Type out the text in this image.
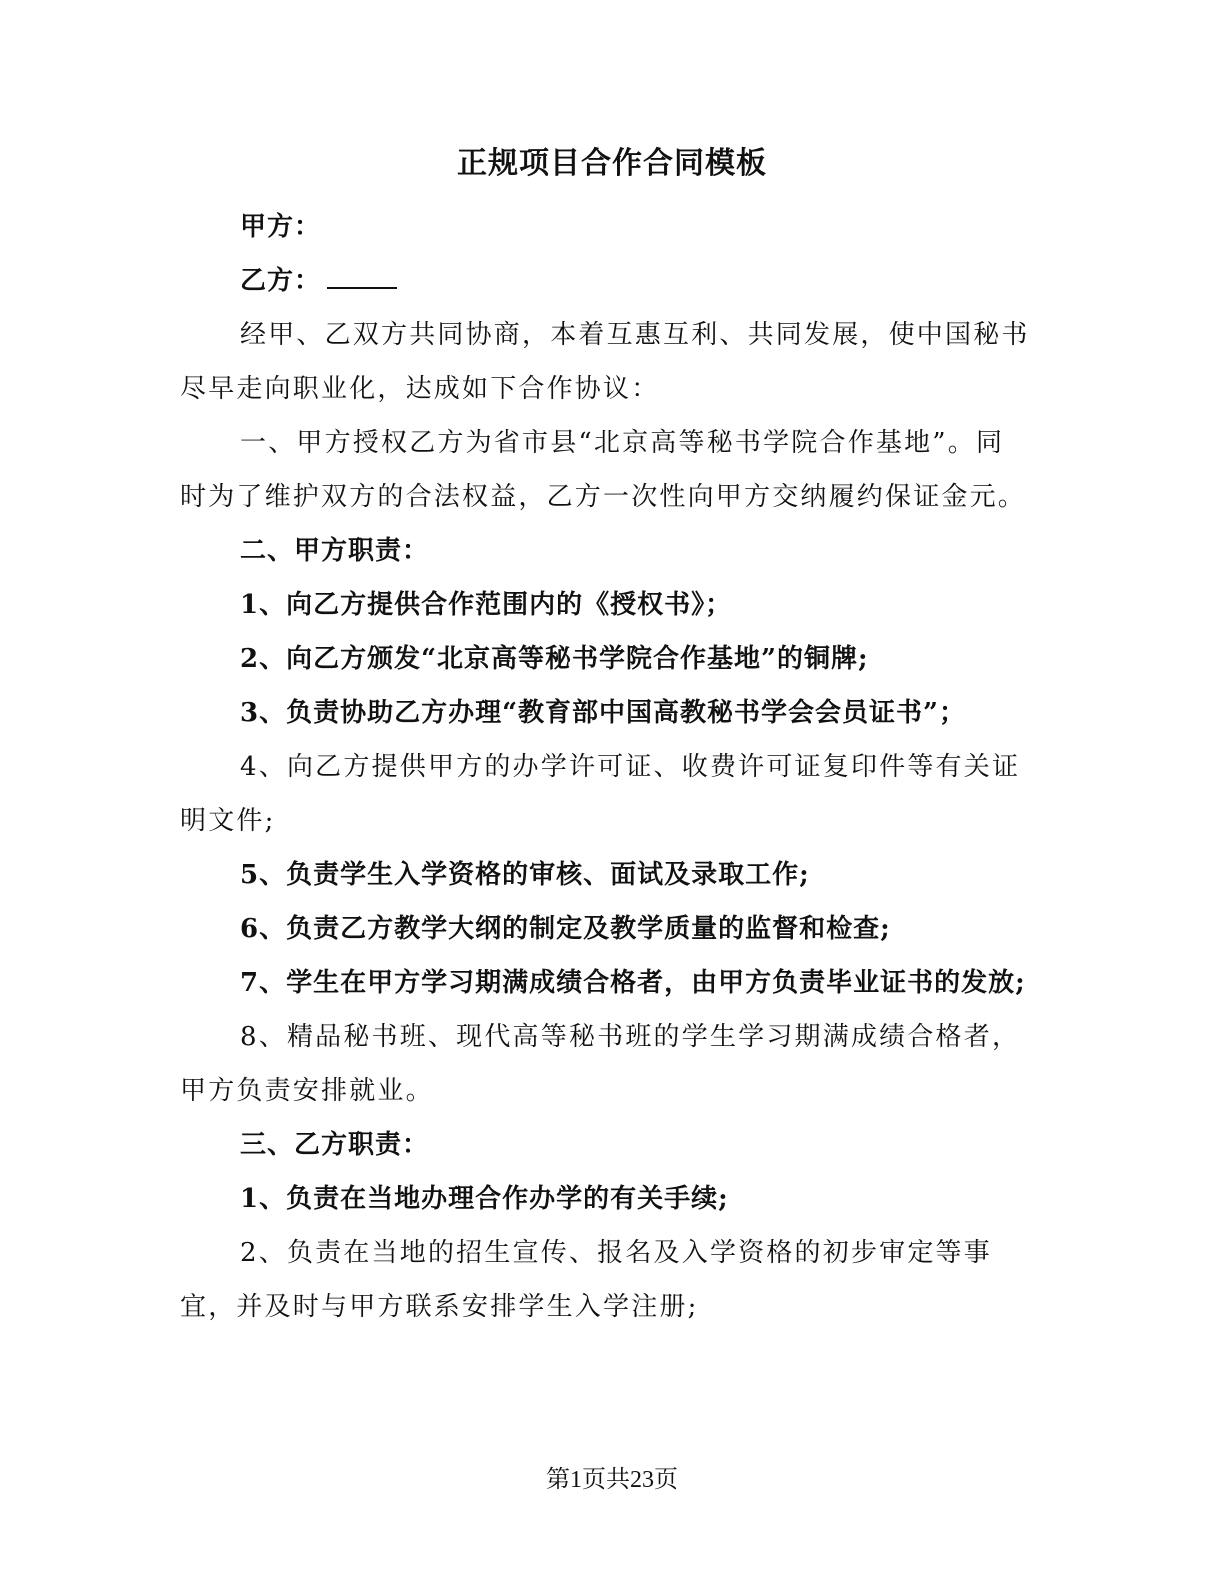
正规项目合作合同模板

甲方：

乙方：

经甲、乙双方共同协商，本着互惠互利、共同发展，使中国秘书尽早走向职业化，达成如下合作协议：

一、甲方授权乙方为省市县“北京高等秘书学院合作基地”。同时为了维护双方的合法权益，乙方一次性向甲方交纳履约保证金元。

二、甲方职责：

1、向乙方提供合作范围内的《授权书》；

2、向乙方颁发“北京高等秘书学院合作基地”的铜牌;

3、负责协助乙方办理“教育部中国高教秘书学会会员证书”；

4、向乙方提供甲方的办学许可证、收费许可证复印件等有关证明文件;

5、负责学生入学资格的审核、面试及录取工作;

6、负责乙方教学大纲的制定及教学质量的监督和检查;

7、学生在甲方学习期满成绩合格者，由甲方负责毕业证书的发放;

8、精品秘书班、现代高等秘书班的学生学习期满成绩合格者，甲方负责安排就业。

三、乙方职责：

1、负责在当地办理合作办学的有关手续;

2、负责在当地的招生宣传、报名及入学资格的初步审定等事宜，并及时与甲方联系安排学生入学注册;

第1页共23页
